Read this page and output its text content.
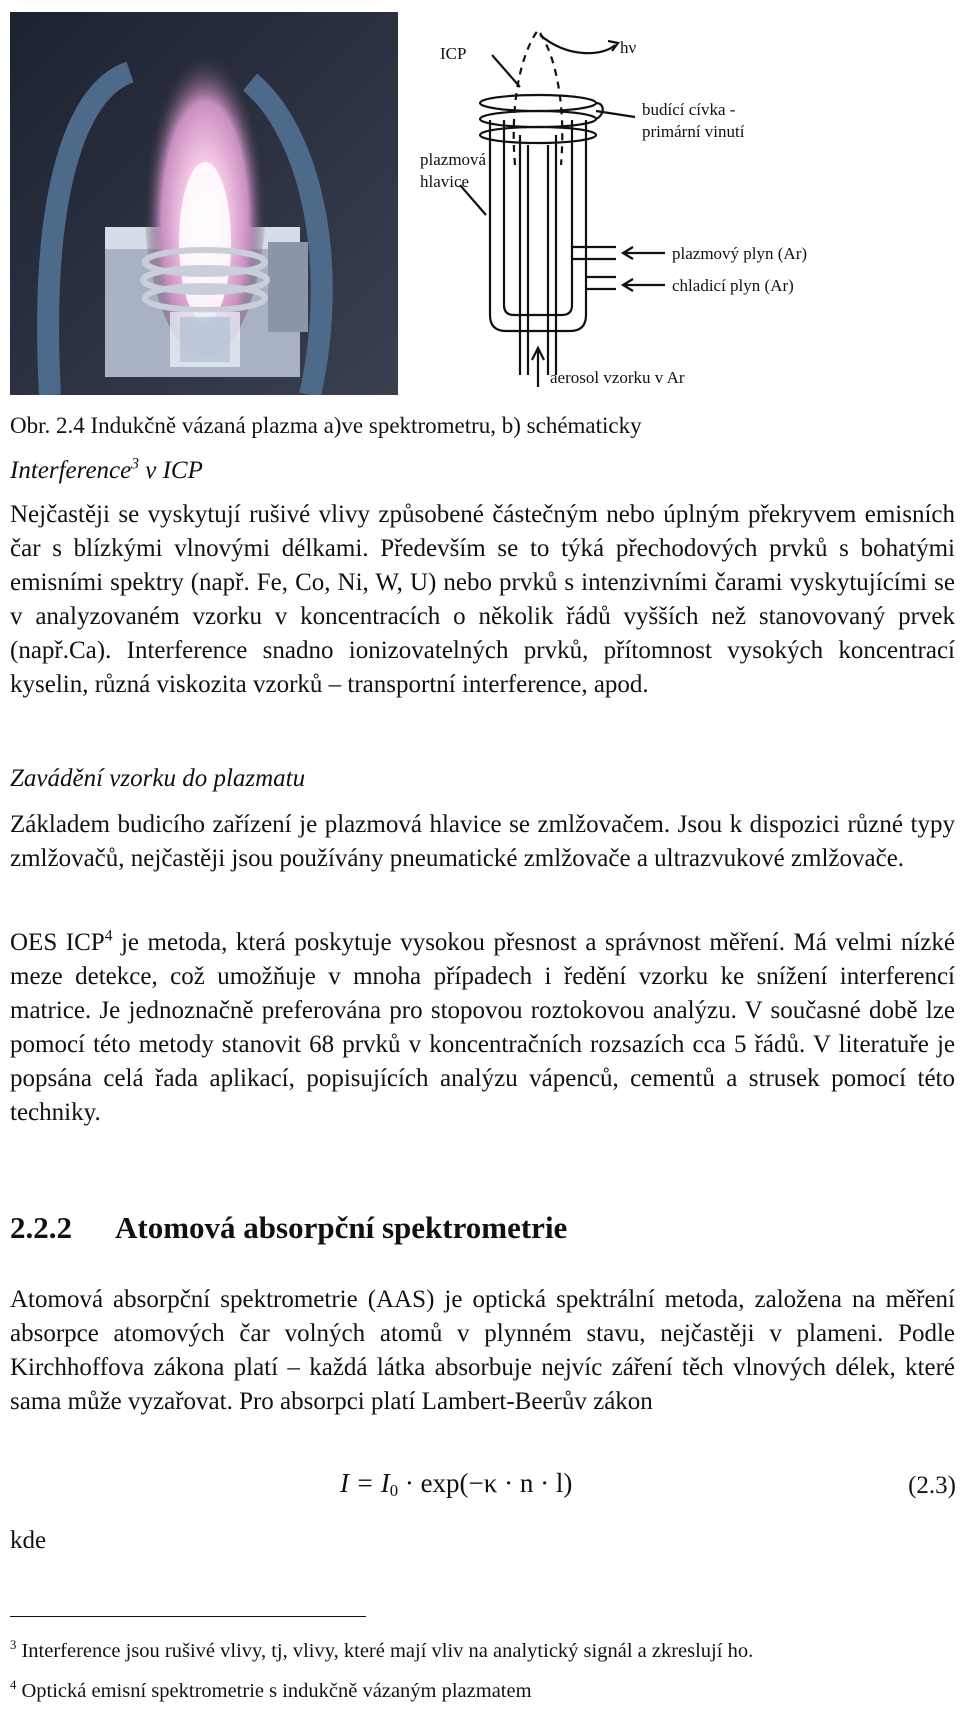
ICP	hν
budící cívka -
primární vinutí
plazmová
hlavice
plazmový plyn (Ar)
chladicí plyn (Ar)
aerosol vzorku v Ar
Obr. 2.4 Indukčně vázaná plazma a)ve spektrometru, b) schématicky
Interference$^3$ v ICP

Nejčastěji se vyskytují rušivé vlivy způsobené částečným nebo úplným překryvem emisních čar s blízkými vlnovými délkami. Především se to týká přechodových prvků s bohatými emisními spektry (např. Fe, Co, Ni, W, U) nebo prvků s intenzivními čarami vyskytujícími se v analyzovaném vzorku v koncentracích o několik řádů vyšších než stanovovaný prvek (např.Ca). Interference snadno ionizovatelných prvků, přítomnost vysokých koncentrací kyselin, různá viskozita vzorků – transportní interference, apod.

Zavádění vzorku do plazmatu

Základem budicího zařízení je plazmová hlavice se zmlžovačem. Jsou k dispozici různé typy zmlžovačů, nejčastěji jsou používány pneumatické zmlžovače a ultrazvukové zmlžovače.

OES ICP$^4$ je metoda, která poskytuje vysokou přesnost a správnost měření. Má velmi nízké meze detekce, což umožňuje v mnoha případech i ředění vzorku ke snížení interferencí matrice. Je jednoznačně preferována pro stopovou roztokovou analýzu. V současné době lze pomocí této metody stanovit 68 prvků v koncentračních rozsazích cca 5 řádů. V literatuře je popsána celá řada aplikací, popisujících analýzu vápenců, cementů a strusek pomocí této techniky.

2.2.2 Atomová absorpční spektrometrie

Atomová absorpční spektrometrie (AAS) je optická spektrální metoda, založena na měření absorpce atomových čar volných atomů v plynném stavu, nejčastěji v plameni. Podle Kirchhoffova zákona platí – každá látka absorbuje nejvíc záření těch vlnových délek, které sama může vyzařovat. Pro absorpci platí Lambert-Beerův zákon

$I = I_0 \cdot \exp(-\kappa \cdot n \cdot l)$	(2.3)
kde
$^3$ Interference jsou rušivé vlivy, tj, vlivy, které mají vliv na analytický signál a zkreslují ho.
$^4$ Optická emisní spektrometrie s indukčně vázaným plazmatem
